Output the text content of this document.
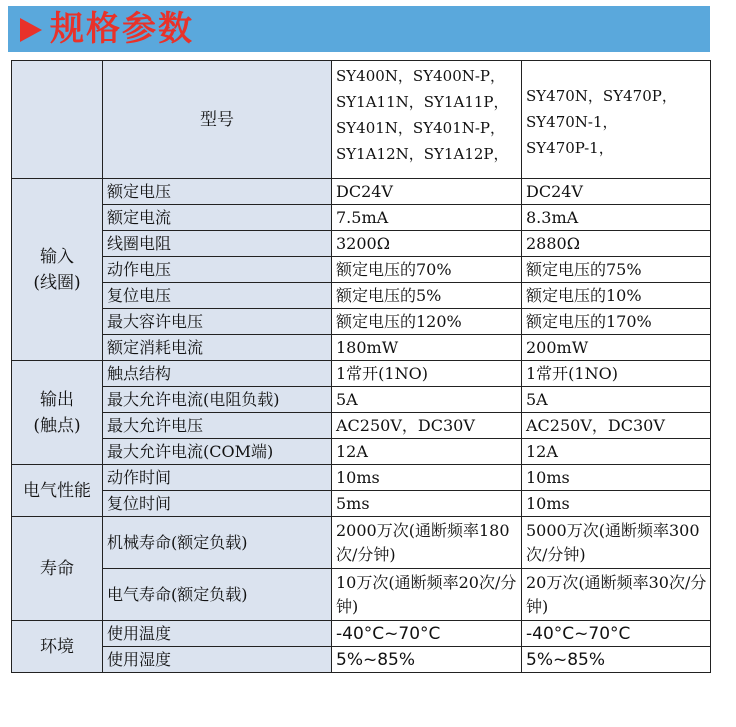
规格参数
	型号	SY400N，SY400N-P，
SY1A11N，SY1A11P，
SY401N，SY401N-P，
SY1A12N，SY1A12P，	SY470N，SY470P，
SY470N-1，
SY470P-1，

输入
(线圈)	额定电压	DC24V	DC24V
	额定电流	7.5mA	8.3mA
	线圈电阻	3200Ω	2880Ω
	动作电压	额定电压的70%	额定电压的75%
	复位电压	额定电压的5%	额定电压的10%
	最大容许电压	额定电压的120%	额定电压的170%
	额定消耗电流	180mW	200mW

输出
(触点)	触点结构	1常开(1NO)	1常开(1NO)
	最大允许电流(电阻负载)	5A	5A
	最大允许电压	AC250V，DC30V	AC250V，DC30V
	最大允许电流(COM端)	12A	12A
电气性能	动作时间	10ms	10ms
	复位时间	5ms	10ms
寿命	机械寿命(额定负载)	2000万次(通断频率180次/分钟)	5000万次(通断频率300次/分钟)
	电气寿命(额定负载)	10万次(通断频率20次/分钟)	20万次(通断频率30次/分钟)
环境	使用温度	-40°C~70°C	-40°C~70°C
	使用湿度	5%~85%	5%~85%
